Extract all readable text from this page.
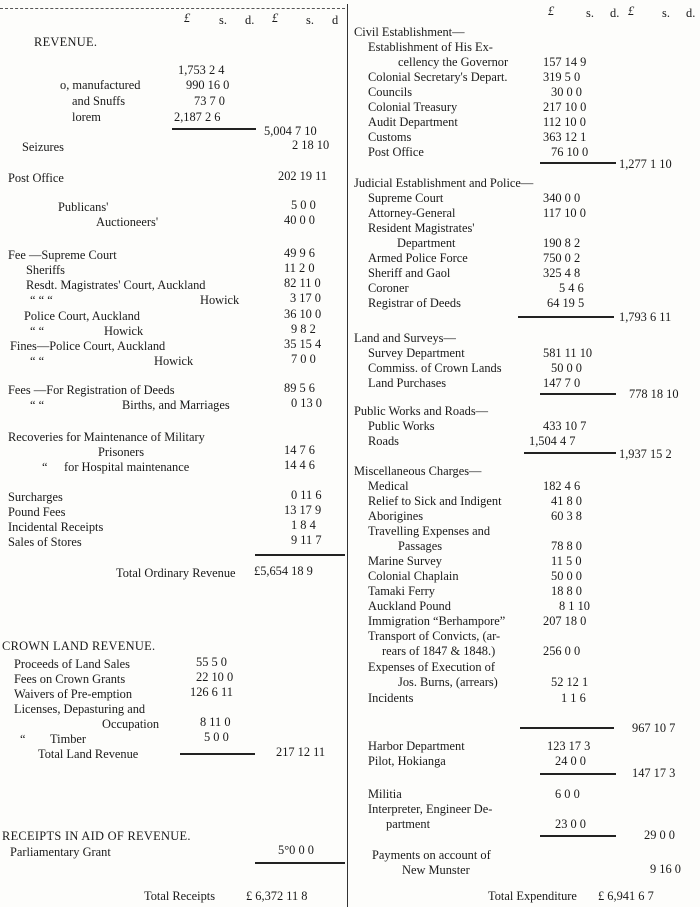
£ s. d. £ s. d
REVENUE.
1,753 2 4
o, manufactured	990 16 0
and Snuffs	73 7 0
lorem	2,187 2 6
5,004 7 10
Seizures	2 18 10
Post Office	202 19 11
Publicans'	5 0 0
Auctioneers'	40 0 0
Fee —Supreme Court	49 9 6
Sheriffs	11 2 0
Resdt. Magistrates' Court, Auckland	82 11 0
“ “ “	Howick	3 17 0
Police Court, Auckland	36 10 0
“ “	Howick	9 8 2
Fines—Police Court, Auckland	35 15 4
“ “	Howick	7 0 0
Fees —For Registration of Deeds	89 5 6
“ “	Births, and Marriages	0 13 0
Recoveries for Maintenance of Military
Prisoners	14 7 6
“ for Hospital maintenance	14 4 6
Surcharges	0 11 6
Pound Fees	13 17 9
Incidental Receipts	1 8 4
Sales of Stores	9 11 7
Total Ordinary Revenue £5,654 18 9
CROWN LAND REVENUE.
Proceeds of Land Sales	55 5 0
Fees on Crown Grants	22 10 0
Waivers of Pre-emption	126 6 11
Licenses, Depasturing and
Occupation	8 11 0
“ Timber	5 0 0
Total Land Revenue	217 12 11
RECEIPTS IN AID OF REVENUE.
Parliamentary Grant	5°0 0 0
Total Receipts £ 6,372 11 8
£	s. d. £ s. d.
Civil Establishment—
Establishment of His Ex-
cellency the Governor	157 14 9
Colonial Secretary's Depart.	319 5 0
Councils	30 0 0
Colonial Treasury	217 10 0
Audit Department	112 10 0
Customs	363 12 1
Post Office	76 10 0
1,277 1 10
Judicial Establishment and Police—
Supreme Court	340 0 0
Attorney-General	117 10 0
Resident Magistrates'
Department	190 8 2
Armed Police Force	750 0 2
Sheriff and Gaol	325 4 8
Coroner	5 4 6
Registrar of Deeds	64 19 5
1,793 6 11
Land and Surveys—
Survey Department	581 11 10
Commiss. of Crown Lands	50 0 0
Land Purchases	147 7 0
778 18 10
Public Works and Roads—
Public Works	433 10 7
Roads	1,504 4 7
1,937 15 2
Miscellaneous Charges—
Medical	182 4 6
Relief to Sick and Indigent	41 8 0
Aborigines	60 3 8
Travelling Expenses and
Passages	78 8 0
Marine Survey	11 5 0
Colonial Chaplain	50 0 0
Tamaki Ferry	18 8 0
Auckland Pound	8 1 10
Immigration “Berhampore”	207 18 0
Transport of Convicts, (ar-
rears of 1847 & 1848.)	256 0 0
Expenses of Execution of
Jos. Burns, (arrears)	52 12 1
Incidents	1 1 6
967 10 7
Harbor Department	123 17 3
Pilot, Hokianga	24 0 0
147 17 3
Militia	6 0 0
Interpreter, Engineer De-
partment	23 0 0
29 0 0
Payments on account of
New Munster	9 16 0
Total Expenditure £ 6,941 6 7
